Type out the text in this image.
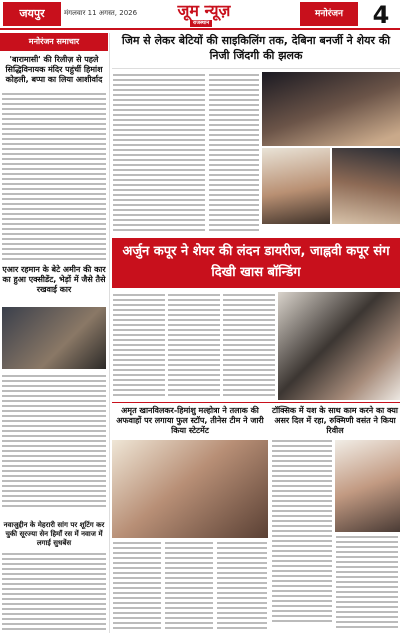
जयपुर	मंगलवार 11 अगस्त, 2026	जूम न्यूज़
राजस्थान
मनोरंजन	4
मनोरंजन समाचार
'बारामासी' की रिलीज़ से पहले सिद्धिविनायक मंदिर पहुंचीं हिमांश कोहली, बप्पा का लिया आशीर्वाद
एआर रहमान के बेटे अमीन की कार का हुआ एक्सीडेंट, भेड़ों में जैसे तैसे रखवाई कार
नवाजुद्दीन के मेहरारी सांग पर शूटिंग कर चुकी सूरज्या सेन हिमाँ रस में नवाज में लगाई सुधबेंस
जिम से लेकर बेटियों की साइकिलिंग तक, देबिना बनर्जी ने शेयर की निजी जिंदगी की झलक
अर्जुन कपूर ने शेयर की लंदन डायरीज, जाह्नवी कपूर संग दिखी खास बॉन्डिंग
अमृत खानविलकर-हिमांशु मल्होत्रा ने तलाक की अफवाहों पर लगाया फुल स्टॉप, तीनेस टीम ने जारी किया स्टेटमेंट
टॉक्सिक में यश के साथ काम करने का क्या असर दिल में रहा, रुक्मिणी वसंत ने किया रिवील
